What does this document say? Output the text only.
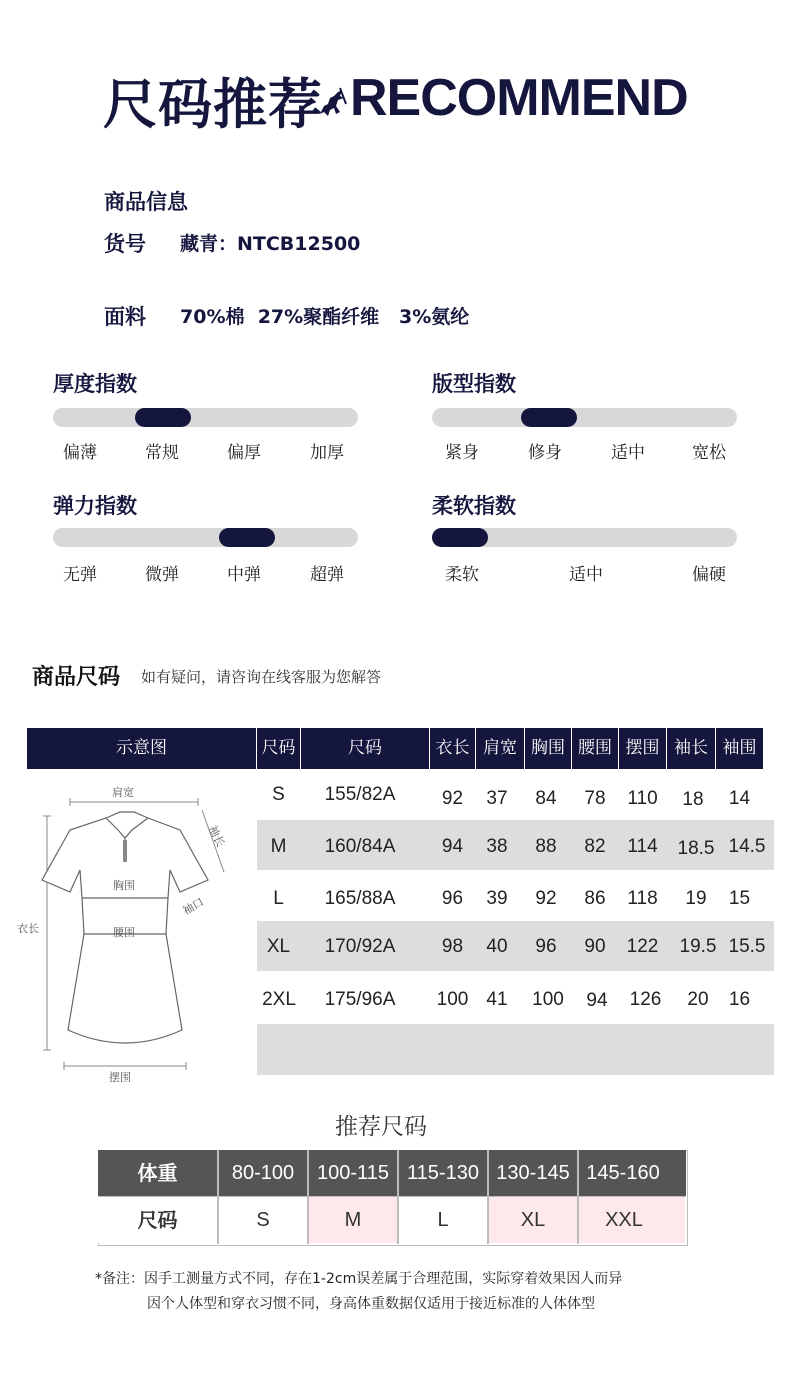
尺码推荐 RECOMMEND
商品信息
货号 藏青：NTCB12500
面料 70%棉  27%聚酯纤维   3%氨纶
厚度指数
偏薄	常规	偏厚	加厚
版型指数
紧身	修身	适中	宽松
弹力指数
无弹	微弹	中弹	超弹
柔软指数
柔软	适中	偏硬
商品尺码 如有疑问，请咨询在线客服为您解答
示意图	尺码	尺码	衣长 肩宽 胸围 腰围 摆围 袖长 袖围
S	155/82A	92	37	84	78	110	18	14
M	160/84A	94	38	88	82	114	18.5 14.5
L	165/88A	96	39	92	86	118	19	15
XL	170/92A	98	40	96	90	122	19.5 15.5
2XL	175/96A	100 41	100	94	126	20	16
肩宽
袖长
胸围
袖口
衣长	腰围
摆围
推荐尺码
体重	80-100	100-115 115-130 130-145 145-160
尺码	S	M	L	XL	XXL
*备注：因手工测量方式不同，存在1-2cm误差属于合理范围，实际穿着效果因人而异
因个人体型和穿衣习惯不同，身高体重数据仅适用于接近标准的人体体型
